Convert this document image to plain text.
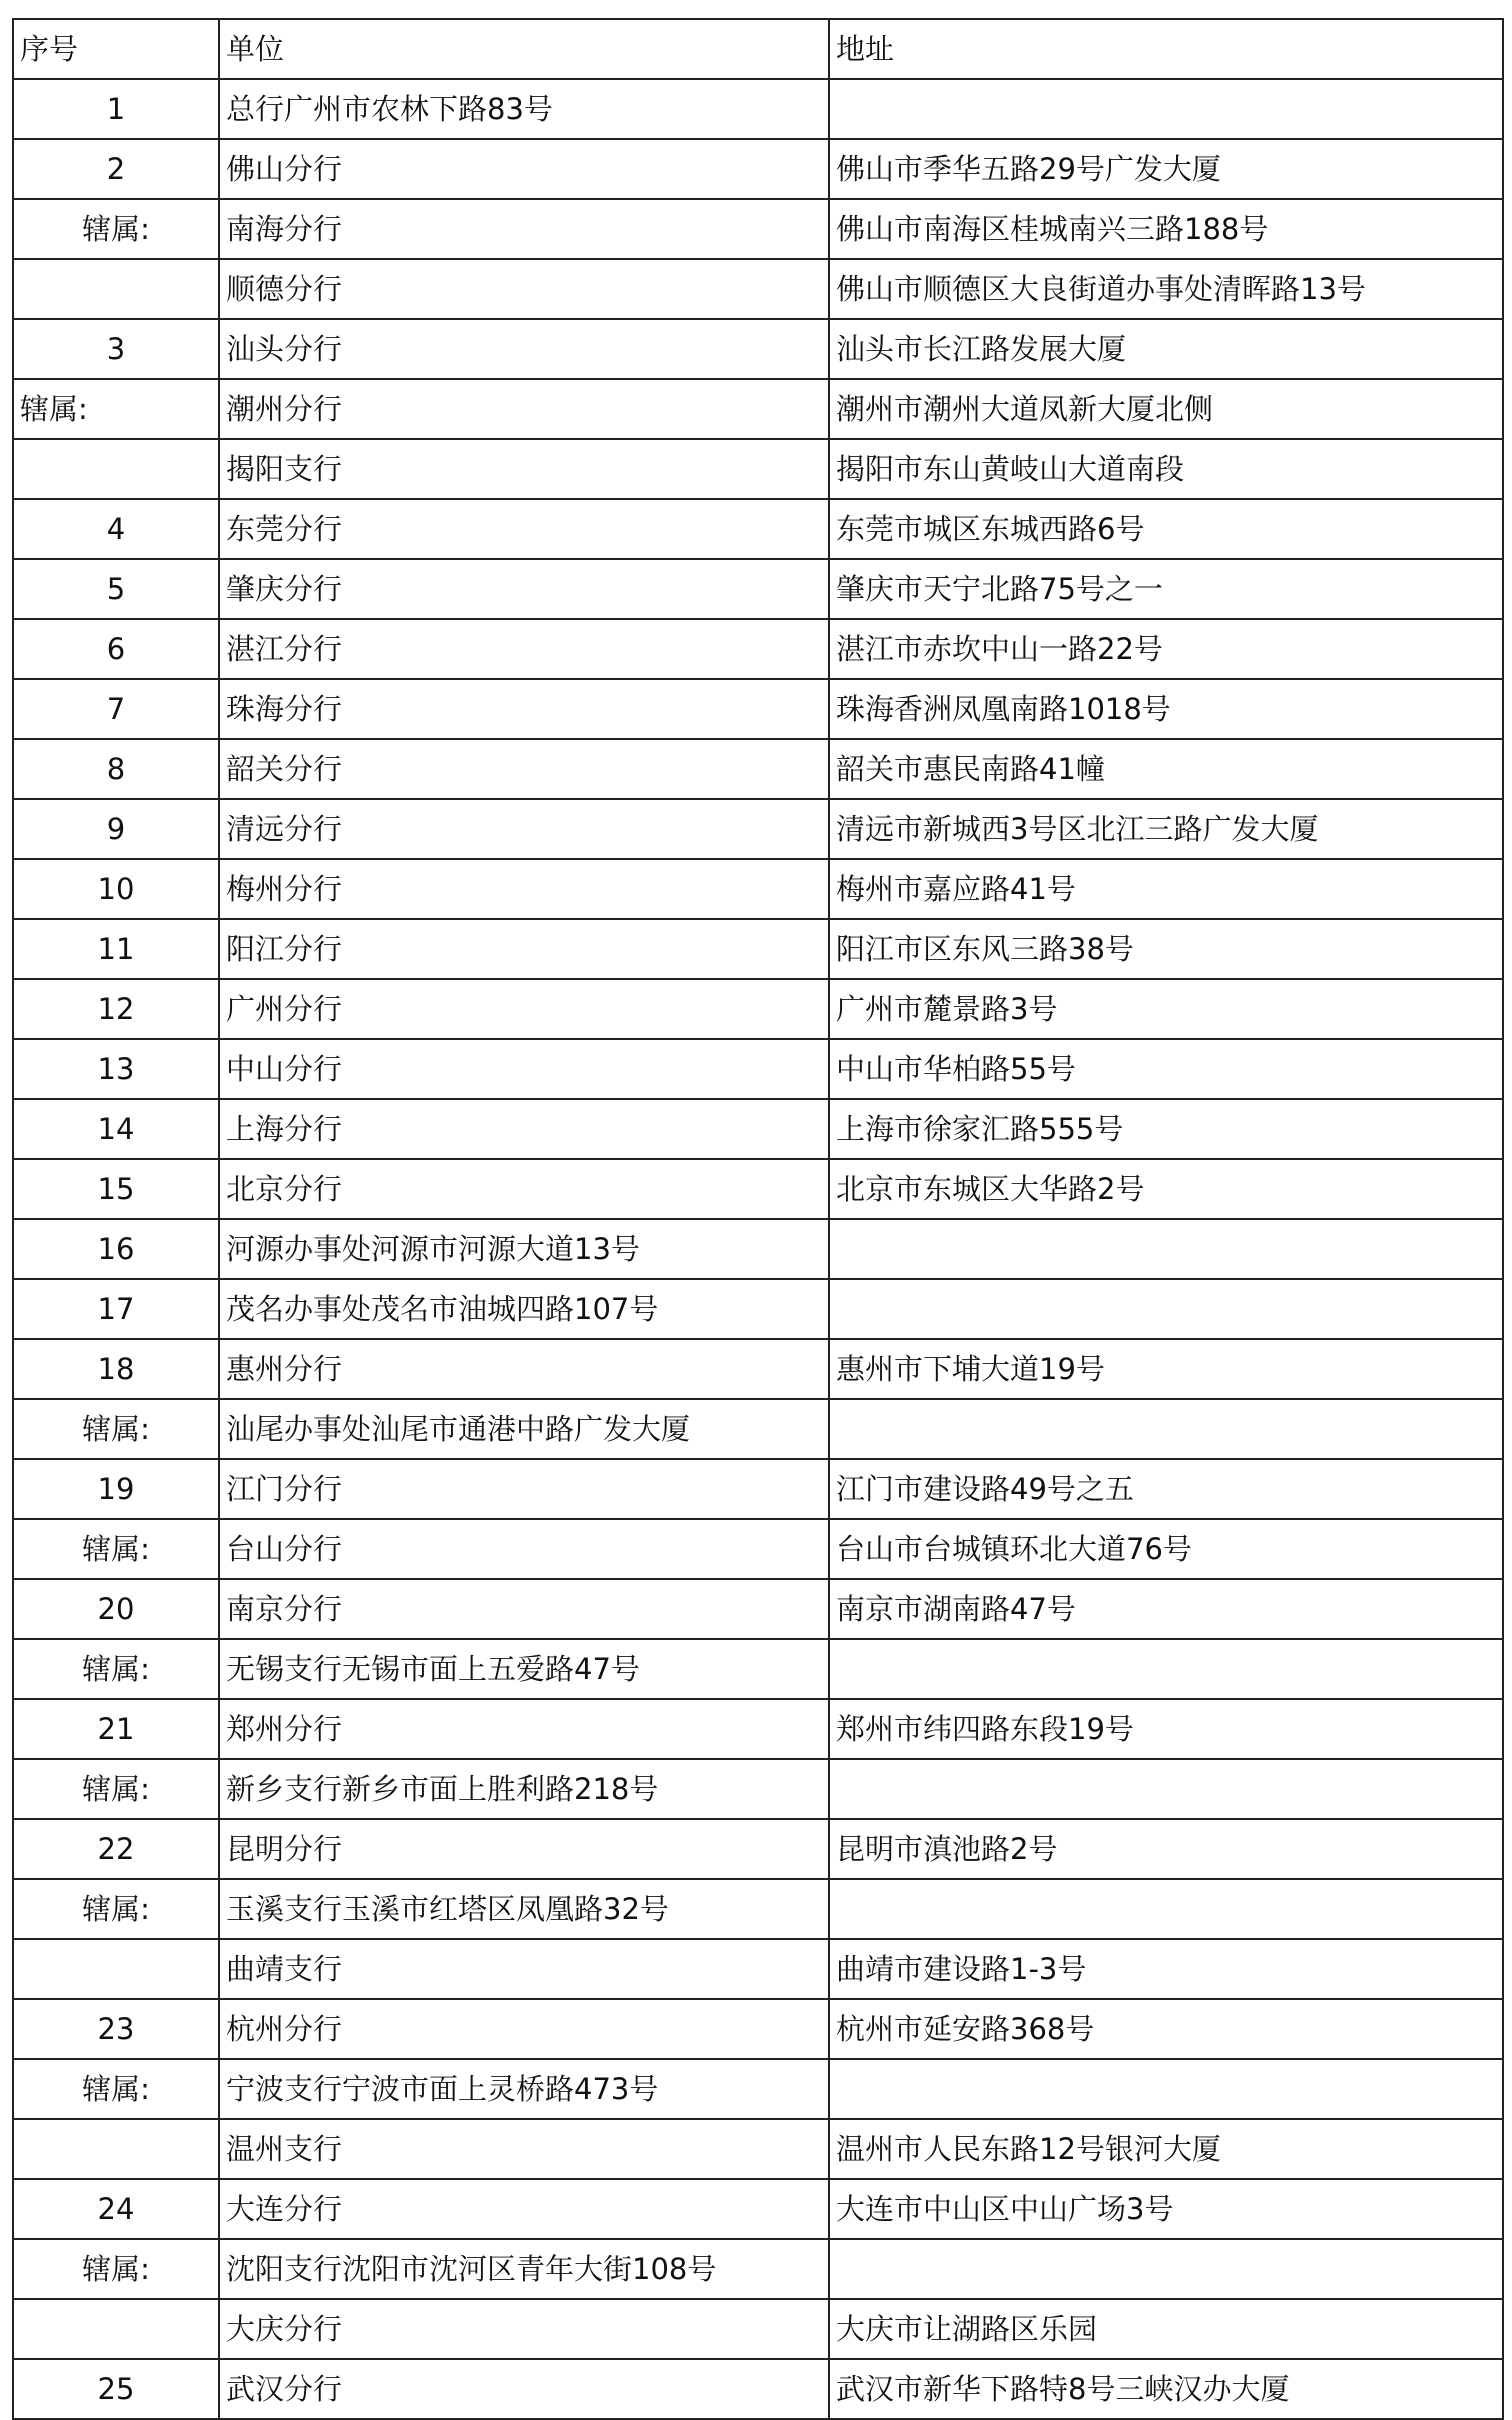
序号	单位	地址
1	总行广州市农林下路83号	
2	佛山分行	佛山市季华五路29号广发大厦
辖属:	南海分行	佛山市南海区桂城南兴三路188号
	顺德分行	佛山市顺德区大良街道办事处清晖路13号
3	汕头分行	汕头市长江路发展大厦
辖属:	潮州分行	潮州市潮州大道凤新大厦北侧
	揭阳支行	揭阳市东山黄岐山大道南段
4	东莞分行	东莞市城区东城西路6号
5	肇庆分行	肇庆市天宁北路75号之一
6	湛江分行	湛江市赤坎中山一路22号
7	珠海分行	珠海香洲凤凰南路1018号
8	韶关分行	韶关市惠民南路41幢
9	清远分行	清远市新城西3号区北江三路广发大厦
10	梅州分行	梅州市嘉应路41号
11	阳江分行	阳江市区东风三路38号
12	广州分行	广州市麓景路3号
13	中山分行	中山市华柏路55号
14	上海分行	上海市徐家汇路555号
15	北京分行	北京市东城区大华路2号
16	河源办事处河源市河源大道13号	
17	茂名办事处茂名市油城四路107号	
18	惠州分行	惠州市下埔大道19号
辖属:	汕尾办事处汕尾市通港中路广发大厦	
19	江门分行	江门市建设路49号之五
辖属:	台山分行	台山市台城镇环北大道76号
20	南京分行	南京市湖南路47号
辖属:	无锡支行无锡市面上五爱路47号	
21	郑州分行	郑州市纬四路东段19号
辖属:	新乡支行新乡市面上胜利路218号	
22	昆明分行	昆明市滇池路2号
辖属:	玉溪支行玉溪市红塔区凤凰路32号	
	曲靖支行	曲靖市建设路1-3号
23	杭州分行	杭州市延安路368号
辖属:	宁波支行宁波市面上灵桥路473号	
	温州支行	温州市人民东路12号银河大厦
24	大连分行	大连市中山区中山广场3号
辖属:	沈阳支行沈阳市沈河区青年大街108号	
	大庆分行	大庆市让湖路区乐园
25	武汉分行	武汉市新华下路特8号三峡汉办大厦
